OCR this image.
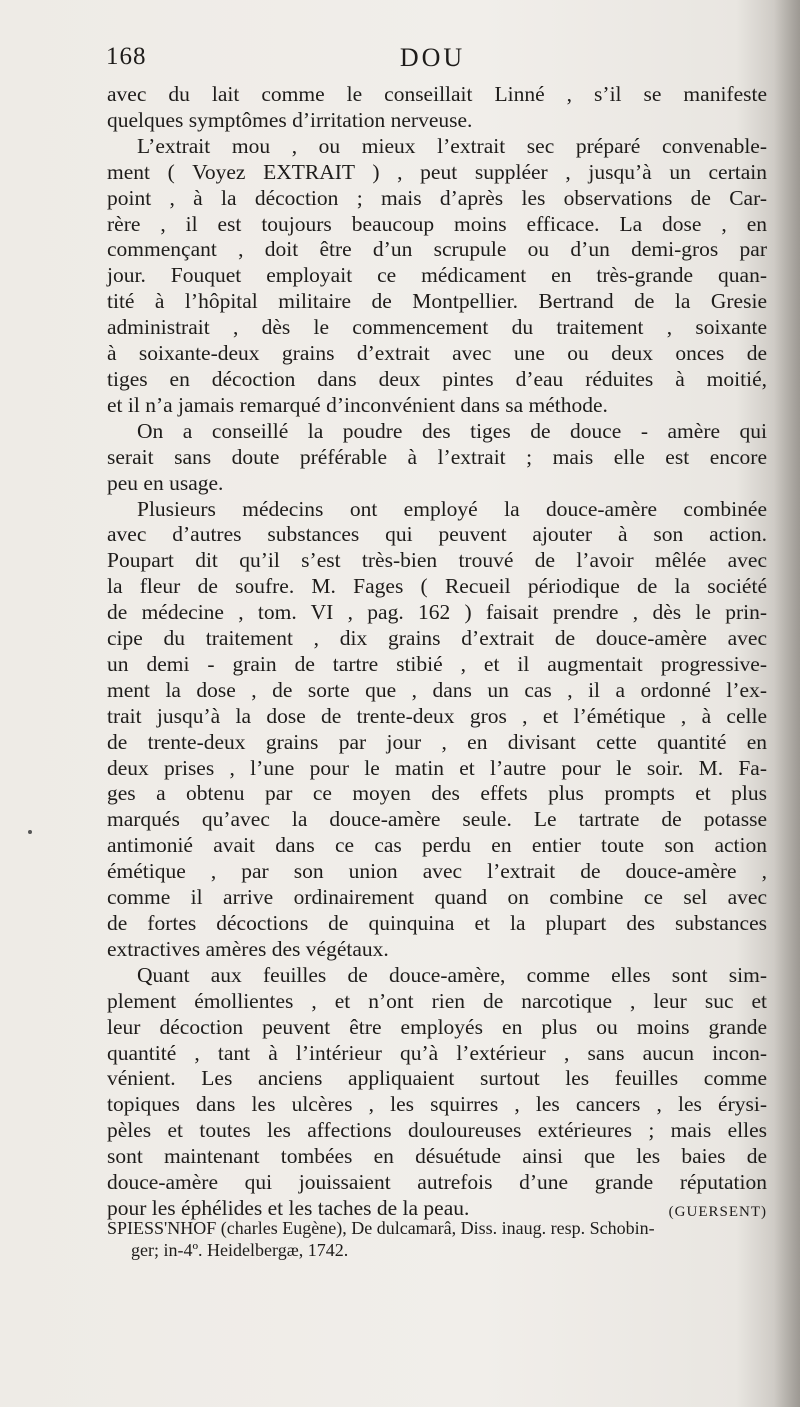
168	DOU
avec du lait comme le conseillait Linné , s’il se manifeste
quelques symptômes d’irritation nerveuse.
L’extrait mou , ou mieux l’extrait sec préparé convenable-
ment ( Voyez EXTRAIT ) , peut suppléer , jusqu’à un certain
point , à la décoction ; mais d’après les observations de Car-
rère , il est toujours beaucoup moins efficace. La dose , en
commençant , doit être d’un scrupule ou d’un demi-gros par
jour. Fouquet employait ce médicament en très-grande quan-
tité à l’hôpital militaire de Montpellier. Bertrand de la Gresie
administrait , dès le commencement du traitement , soixante
à soixante-deux grains d’extrait avec une ou deux onces de
tiges en décoction dans deux pintes d’eau réduites à moitié,
et il n’a jamais remarqué d’inconvénient dans sa méthode.
On a conseillé la poudre des tiges de douce - amère qui
serait sans doute préférable à l’extrait ; mais elle est encore
peu en usage.
Plusieurs médecins ont employé la douce-amère combinée
avec d’autres substances qui peuvent ajouter à son action.
Poupart dit qu’il s’est très-bien trouvé de l’avoir mêlée avec
la fleur de soufre. M. Fages ( Recueil périodique de la société
de médecine , tom. VI , pag. 162 ) faisait prendre , dès le prin-
cipe du traitement , dix grains d’extrait de douce-amère avec
un demi - grain de tartre stibié , et il augmentait progressive-
ment la dose , de sorte que , dans un cas , il a ordonné l’ex-
trait jusqu’à la dose de trente-deux gros , et l’émétique , à celle
de trente-deux grains par jour , en divisant cette quantité en
deux prises , l’une pour le matin et l’autre pour le soir. M. Fa-
ges a obtenu par ce moyen des effets plus prompts et plus
marqués qu’avec la douce-amère seule. Le tartrate de potasse
antimonié avait dans ce cas perdu en entier toute son action
émétique , par son union avec l’extrait de douce-amère ,
comme il arrive ordinairement quand on combine ce sel avec
de fortes décoctions de quinquina et la plupart des substances
extractives amères des végétaux.
Quant aux feuilles de douce-amère, comme elles sont sim-
plement émollientes , et n’ont rien de narcotique , leur suc et
leur décoction peuvent être employés en plus ou moins grande
quantité , tant à l’intérieur qu’à l’extérieur , sans aucun incon-
vénient. Les anciens appliquaient surtout les feuilles comme
topiques dans les ulcères , les squirres , les cancers , les érysi-
pèles et toutes les affections douloureuses extérieures ; mais elles
sont maintenant tombées en désuétude ainsi que les baies de
douce-amère qui jouissaient autrefois d’une grande réputation
pour les éphélides et les taches de la peau.	(GUERSENT)
SPIESS'NHOF (charles Eugène), De dulcamarâ, Diss. inaug. resp. Schobin-
ger; in-4º. Heidelbergæ, 1742.
